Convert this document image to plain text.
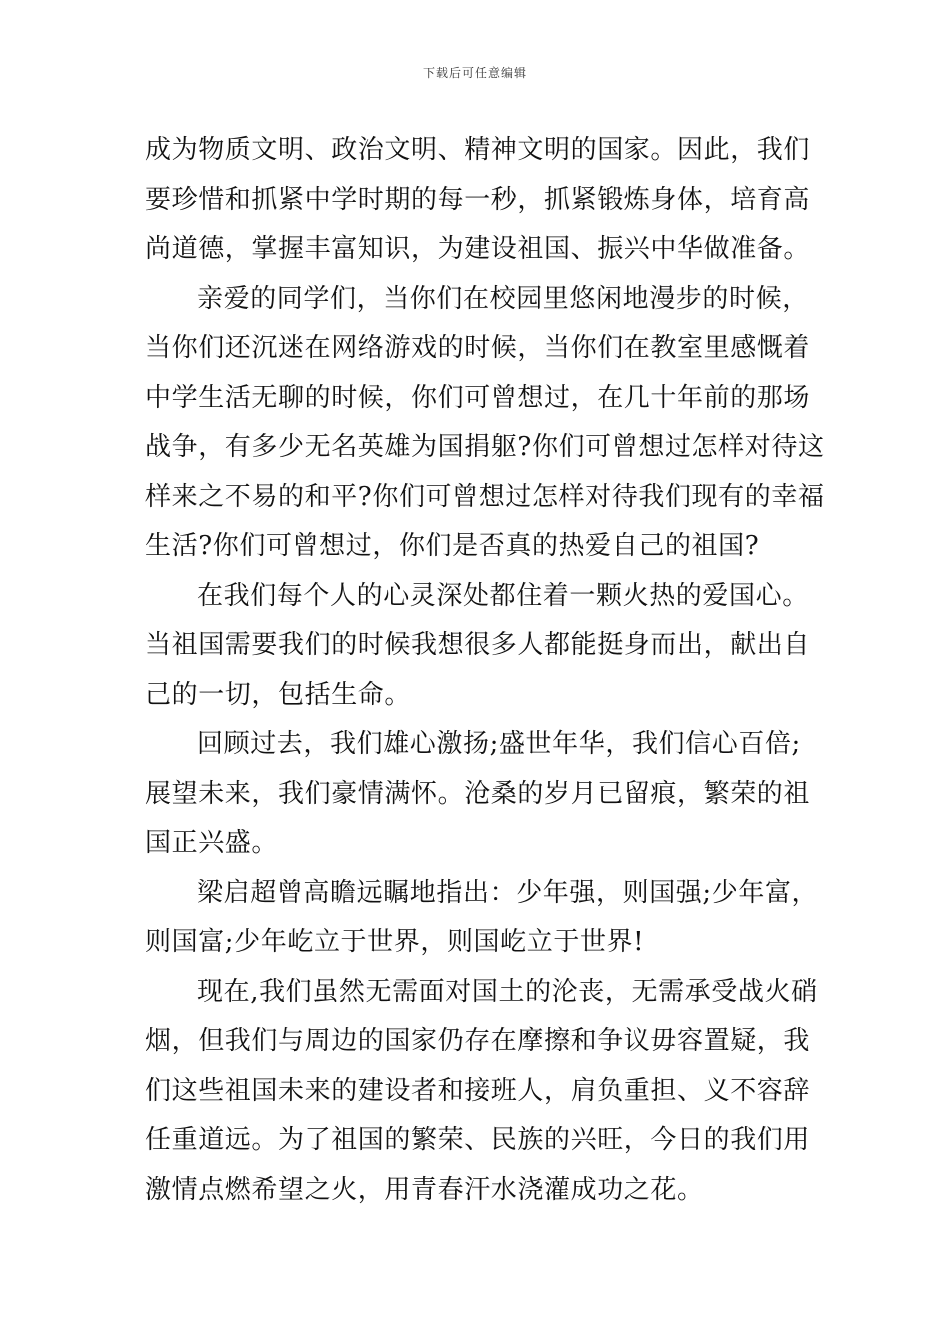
下载后可任意编辑

成为物质文明、政治文明、精神文明的国家。因此，我们
要珍惜和抓紧中学时期的每一秒，抓紧锻炼身体，培育高
尚道德，掌握丰富知识，为建设祖国、振兴中华做准备。

亲爱的同学们，当你们在校园里悠闲地漫步的时候，
当你们还沉迷在网络游戏的时候，当你们在教室里感慨着
中学生活无聊的时候，你们可曾想过，在几十年前的那场
战争，有多少无名英雄为国捐躯?你们可曾想过怎样对待这
样来之不易的和平?你们可曾想过怎样对待我们现有的幸福
生活?你们可曾想过，你们是否真的热爱自己的祖国?

在我们每个人的心灵深处都住着一颗火热的爱国心。
当祖国需要我们的时候我想很多人都能挺身而出，献出自
己的一切，包括生命。

回顾过去，我们雄心激扬;盛世年华，我们信心百倍;
展望未来，我们豪情满怀。沧桑的岁月已留痕，繁荣的祖
国正兴盛。

梁启超曾高瞻远瞩地指出：少年强，则国强;少年富，
则国富;少年屹立于世界，则国屹立于世界!

现在,我们虽然无需面对国土的沦丧，无需承受战火硝
烟，但我们与周边的国家仍存在摩擦和争议毋容置疑，我
们这些祖国未来的建设者和接班人，肩负重担、义不容辞
任重道远。为了祖国的繁荣、民族的兴旺，今日的我们用
激情点燃希望之火，用青春汗水浇灌成功之花。
